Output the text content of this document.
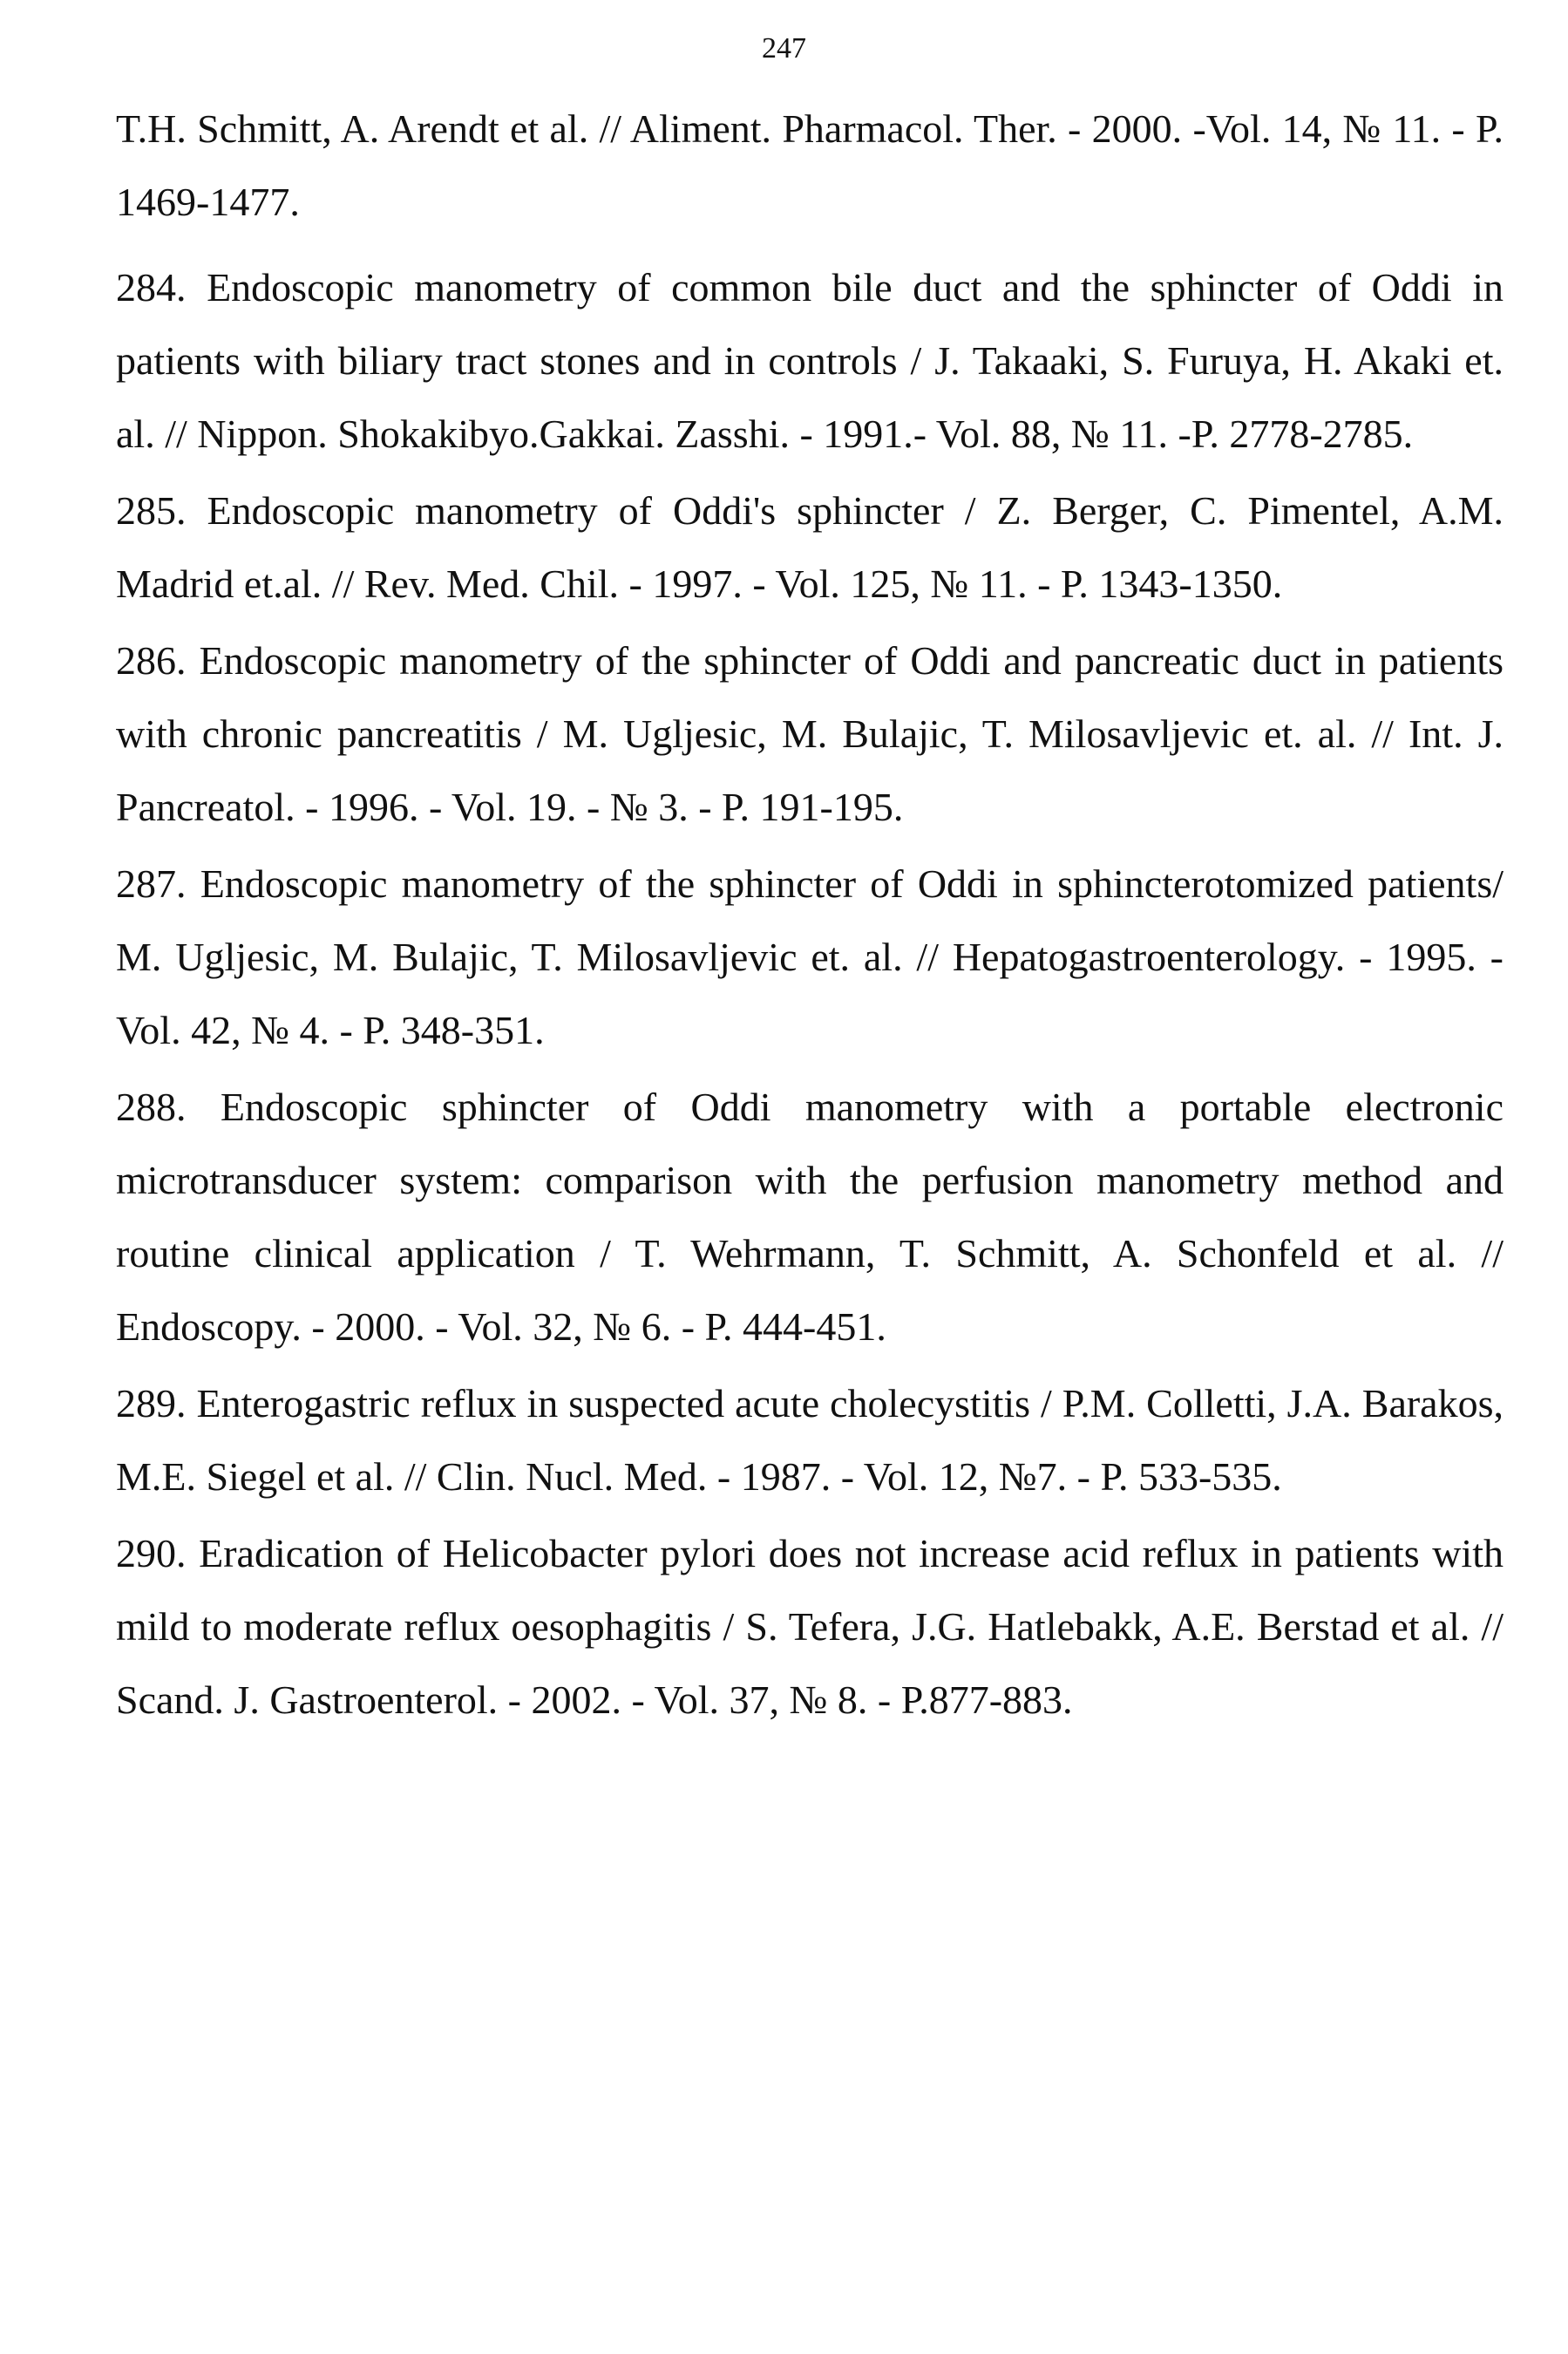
247
T.H. Schmitt, A. Arendt et al. // Aliment. Pharmacol. Ther. - 2000. -Vol. 14, № 11. - P. 1469-1477.
284. Endoscopic manometry of common bile duct and the sphincter of Oddi in patients with biliary tract stones and in controls / J. Takaaki, S. Furuya, H. Akaki et. al. // Nippon. Shokakibyo.Gakkai. Zasshi. - 1991.- Vol. 88, № 11. -P. 2778-2785.
285. Endoscopic manometry of Oddi's sphincter / Z. Berger, C. Pimentel, A.M. Madrid et.al. // Rev. Med. Chil. - 1997. - Vol. 125, № 11. - P. 1343-1350.
286. Endoscopic manometry of the sphincter of Oddi and pancreatic duct in patients with chronic pancreatitis / M. Ugljesic, M. Bulajic, T. Milosavljevic et. al. // Int. J. Pancreatol. - 1996. - Vol. 19. - № 3. - P. 191-195.
287. Endoscopic manometry of the sphincter of Oddi in sphincterotomized patients/ M. Ugljesic, M. Bulajic, T. Milosavljevic et. al. // Hepatogastroenterology. - 1995. - Vol. 42, № 4. - P. 348-351.
288. Endoscopic sphincter of Oddi manometry with a portable electronic microtransducer system: comparison with the perfusion manometry method and routine clinical application / T. Wehrmann, T. Schmitt, A. Schonfeld et al. // Endoscopy. - 2000. - Vol. 32, № 6. - P. 444-451.
289. Enterogastric reflux in suspected acute cholecystitis / P.M. Colletti, J.A. Barakos, M.E. Siegel et al. // Clin. Nucl. Med. - 1987. - Vol. 12, №7. - P. 533-535.
290. Eradication of Helicobacter pylori does not increase acid reflux in patients with mild to moderate reflux oesophagitis / S. Tefera, J.G. Hatlebakk, A.E. Berstad et al. // Scand. J. Gastroenterol. - 2002. - Vol. 37, № 8. - P.877-883.
